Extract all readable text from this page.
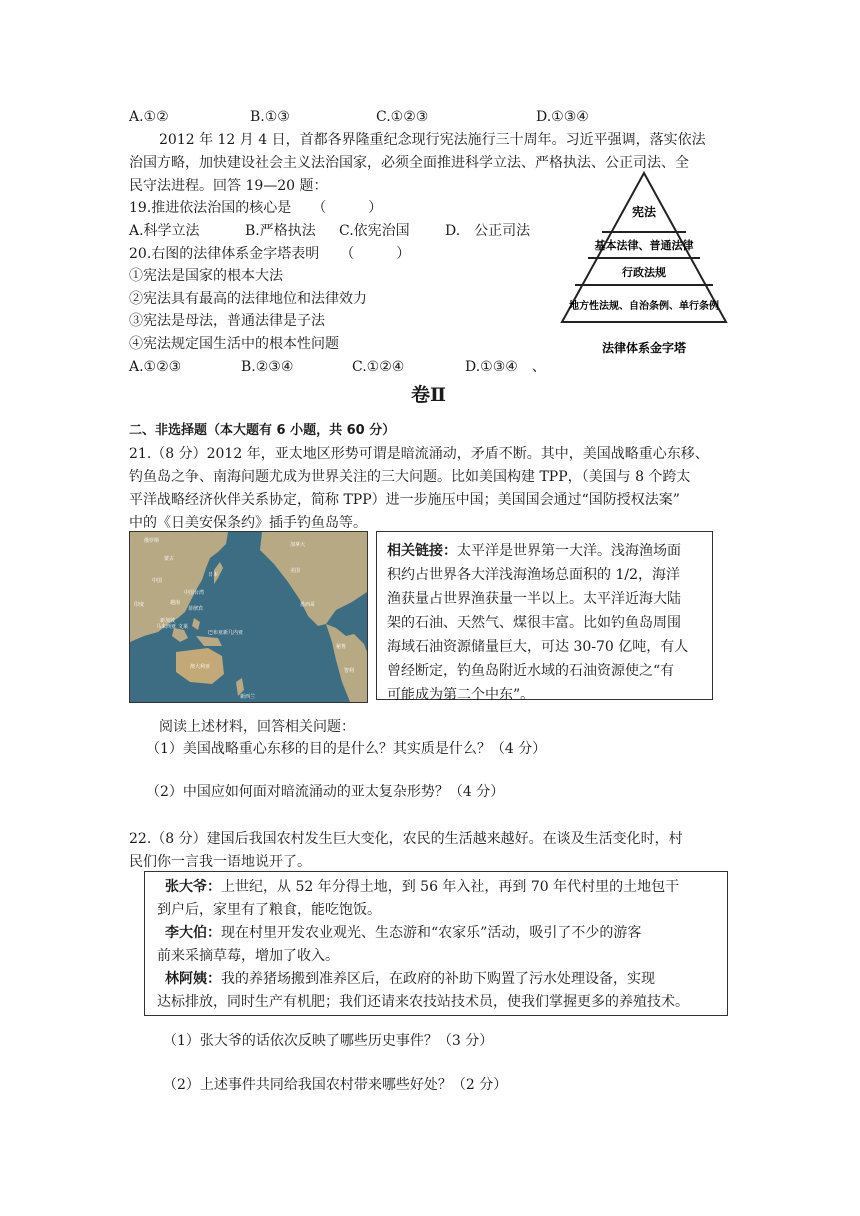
A.①②	B.①③	C.①②③	D.①③④
2012 年 12 月 4 日，首都各界隆重纪念现行宪法施行三十周年。习近平强调，落实依法
治国方略，加快建设社会主义法治国家，必须全面推进科学立法、严格执法、公正司法、全
民守法进程。回答 19—20 题：
19.推进依法治国的核心是　　（　　　）
A.科学立法	B.严格执法 C.依宪治国	D.　公正司法
20.右图的法律体系金字塔表明　　（　　　）
①宪法是国家的根本大法
②宪法具有最高的法律地位和法律效力
③宪法是母法，普通法律是子法
④宪法规定国生活中的根本性问题
A.①②③	B.②③④	C.①②④	D.①③④　、
宪法
基本法律、普通法律
行政法规
地方性法规、自治条例、单行条例
法律体系金字塔
卷Ⅱ
二、非选择题（本大题有 6 小题，共 60 分）
21.（8 分）2012 年，亚太地区形势可谓是暗流涌动，矛盾不断。其中，美国战略重心东移、
钓鱼岛之争、南海问题尤成为世界关注的三大问题。比如美国构建 TPP，（美国与 8 个跨太
平洋战略经济伙伴关系协定，简称 TPP）进一步施压中国；美国国会通过“国防授权法案”
中的《日美安保条约》插手钓鱼岛等。
俄罗斯
加拿大
中国
蒙古
日本
美国
中国台湾
印度
菲律宾
墨西哥
越南
新加坡
巴布亚新几内亚
秘鲁
澳大利亚
智利
新西兰
文莱
马来西亚
相关链接：太平洋是世界第一大洋。浅海渔场面
积约占世界各大洋浅海渔场总面积的 1/2，海洋
渔获量占世界渔获量一半以上。太平洋近海大陆
架的石油、天然气、煤很丰富。比如钓鱼岛周围
海域石油资源储量巨大，可达 30-70 亿吨，有人
曾经断定，钓鱼岛附近水域的石油资源使之“有
可能成为第二个中东”。
阅读上述材料，回答相关问题：
（1）美国战略重心东移的目的是什么？其实质是什么？（4 分）
（2）中国应如何面对暗流涌动的亚太复杂形势？（4 分）
22.（8 分）建国后我国农村发生巨大变化，农民的生活越来越好。在谈及生活变化时，村
民们你一言我一语地说开了。
张大爷：上世纪，从 52 年分得土地，到 56 年入社，再到 70 年代村里的土地包干
到户后，家里有了粮食，能吃饱饭。
李大伯：现在村里开发农业观光、生态游和“农家乐”活动，吸引了不少的游客
前来采摘草莓，增加了收入。
林阿姨：我的养猪场搬到准养区后，在政府的补助下购置了污水处理设备，实现
达标排放，同时生产有机肥；我们还请来农技站技术员，使我们掌握更多的养殖技术。
（1）张大爷的话依次反映了哪些历史事件？（3 分）
（2）上述事件共同给我国农村带来哪些好处？（2 分）
